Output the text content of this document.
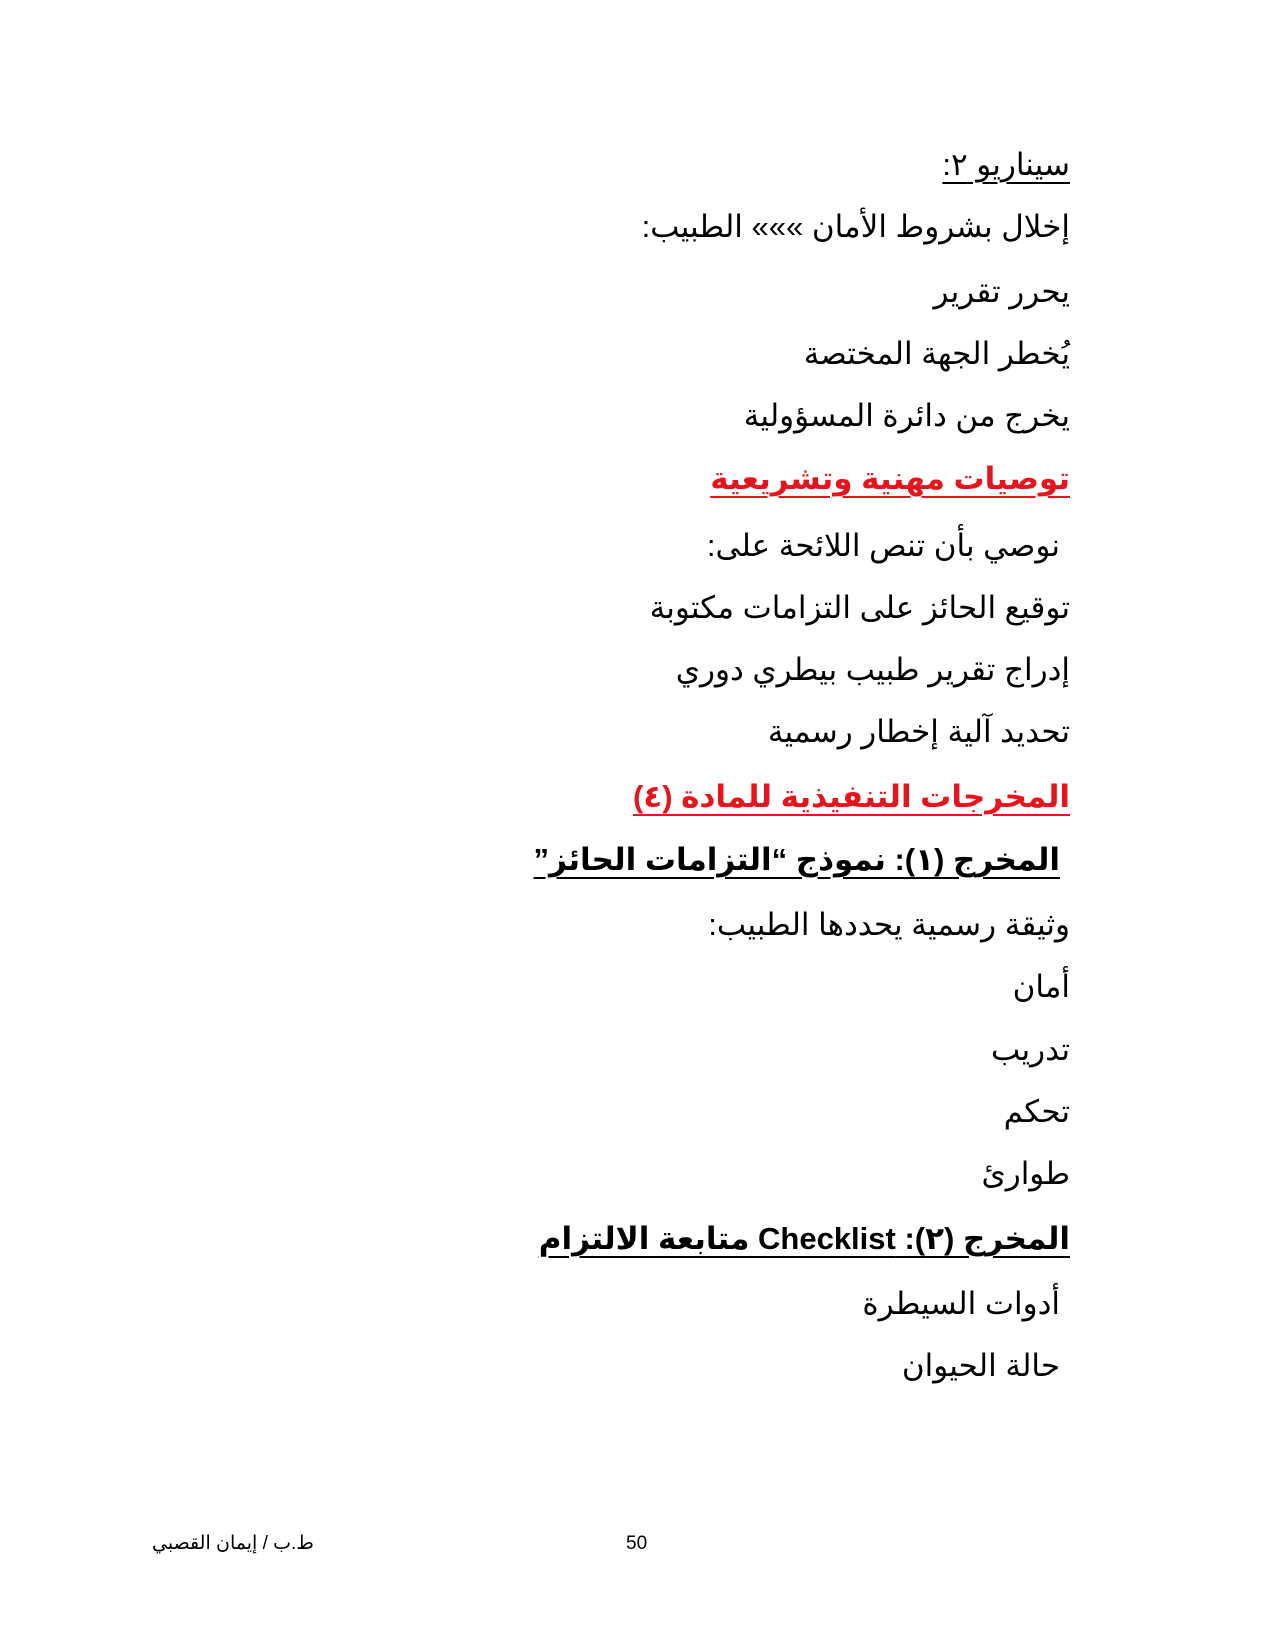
سيناريو ٢:
إخلال بشروط الأمان »»» الطبيب:
يحرر تقرير
يُخطر الجهة المختصة
يخرج من دائرة المسؤولية
توصيات مهنية وتشريعية
نوصي بأن تنص اللائحة على:
توقيع الحائز على التزامات مكتوبة
إدراج تقرير طبيب بيطري دوري
تحديد آلية إخطار رسمية
المخرجات التنفيذية للمادة (٤)
المخرج (١): نموذج “التزامات الحائز”
وثيقة رسمية يحددها الطبيب:
أمان
تدريب
تحكم
طوارئ
المخرج (٢): Checklist متابعة الالتزام
أدوات السيطرة
حالة الحيوان
ط.ب / إيمان القصبي	50
